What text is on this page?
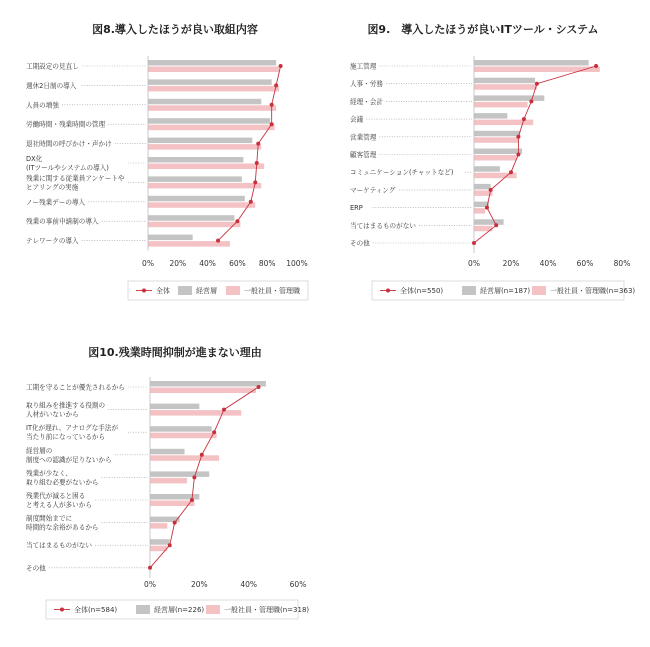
図8.導入したほうが良い取組内容
工期設定の見直し
週休2日制の導入
人員の増強
労働時間・残業時間の管理
退社時間の呼びかけ・声かけ
DX化(ITツールやシステムの導入)
残業に関する従業員アンケートやヒアリングの実施
ノー残業デーの導入
残業の事前申請制の導入
テレワークの導入
0% 20% 40% 60% 80% 100%
全体	経営層	一般社員・管理職
図9.　導入したほうが良いITツール・システム
施工管理
人事・労務
経理・会計
会議
営業管理
顧客管理
コミュニケーション(チャットなど)
マーケティング
ERP
当てはまるものがない
その他
0%	20%	40%	60%	80%
全体(n=550)	経営層(n=187)	一般社員・管理職(n=363)
図10.残業時間抑制が進まない理由
工期を守ることが優先されるから
取り組みを推進する役割の人材がいないから
IT化が遅れ、アナログな手法が当たり前になっているから
経営層の制度への認識が足りないから
残業が少なく、取り組む必要がないから
残業代が減ると困ると考える人が多いから
制度開始までに時間的な余裕があるから
当てはまるものがない
その他
0%	20%	40%	60%
全体(n=584)	経営層(n=226)	一般社員・管理職(n=318)
